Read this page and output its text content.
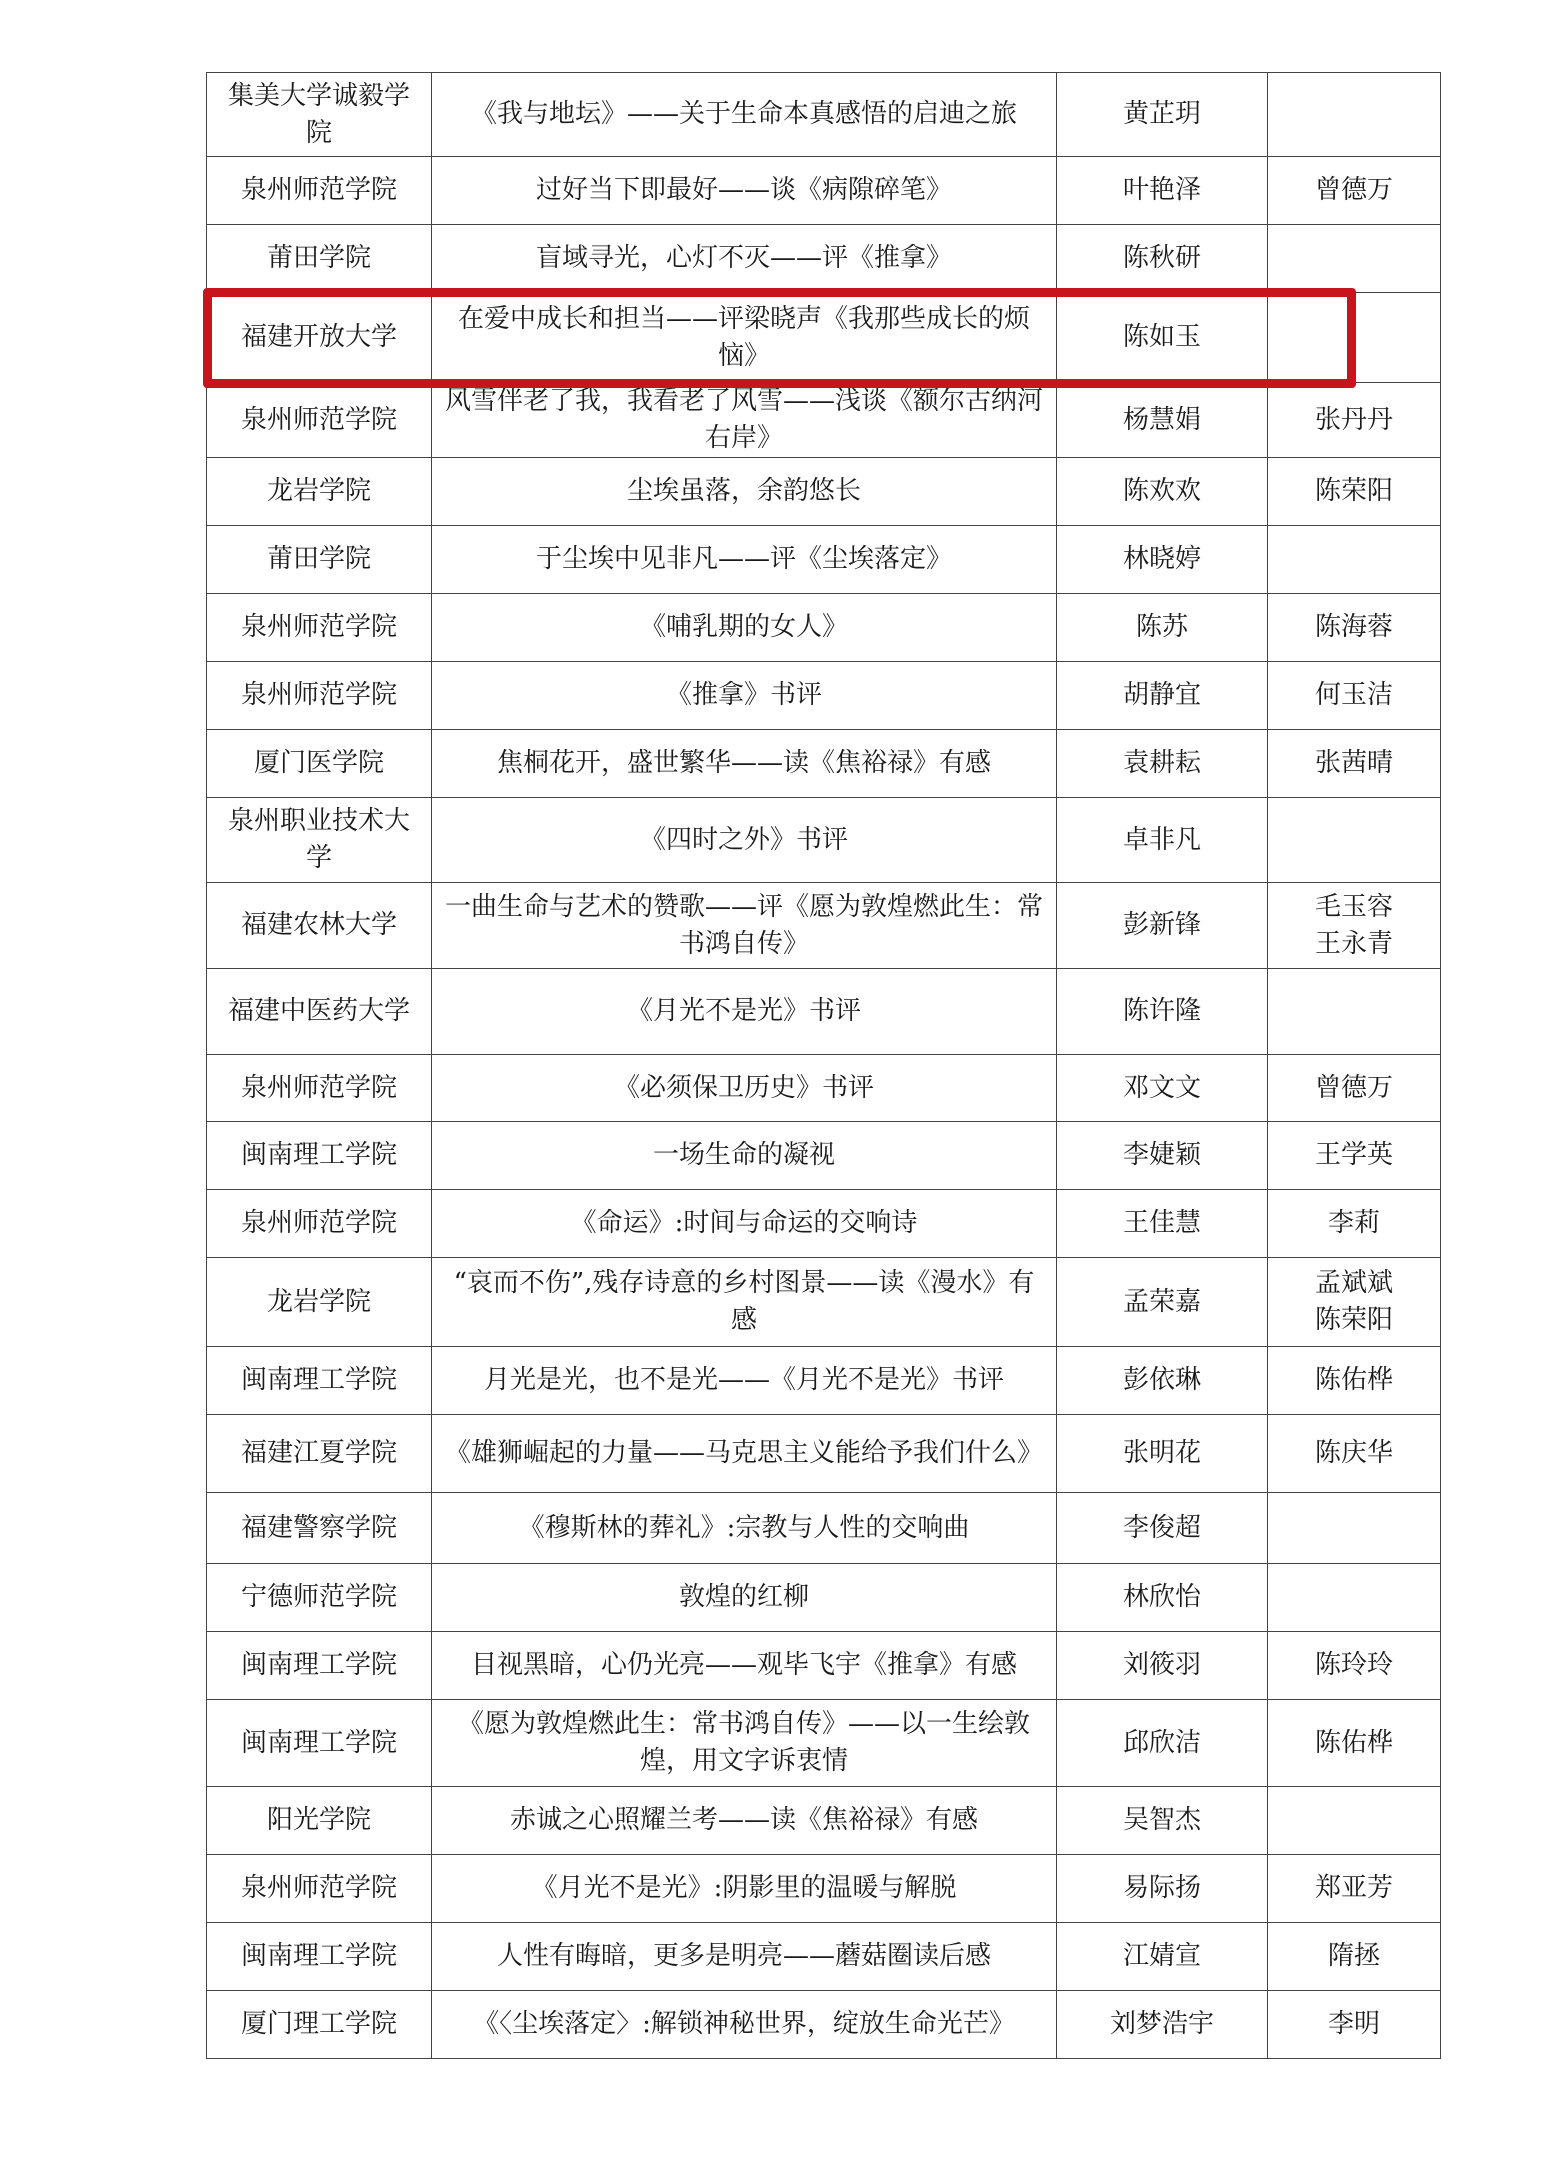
集美大学诚毅学院	《我与地坛》——关于生命本真感悟的启迪之旅	黄芷玥	
泉州师范学院	过好当下即最好——谈《病隙碎笔》	叶艳泽	曾德万

莆田学院	盲域寻光，心灯不灭——评《推拿》	陈秋研	
福建开放大学	在爱中成长和担当——评梁晓声《我那些成长的烦恼》	陈如玉	
泉州师范学院	风雪伴老了我，我看老了风雪——浅谈《额尔古纳河右岸》	杨慧娟	张丹丹

龙岩学院	尘埃虽落，余韵悠长	陈欢欢	陈荣阳

莆田学院	于尘埃中见非凡——评《尘埃落定》	林晓婷	
泉州师范学院	《哺乳期的女人》	陈苏	陈海蓉

泉州师范学院	《推拿》书评	胡静宜	何玉洁

厦门医学院	焦桐花开，盛世繁华——读《焦裕禄》有感	袁耕耘	张茜晴

泉州职业技术大学	《四时之外》书评	卓非凡	
福建农林大学	一曲生命与艺术的赞歌——评《愿为敦煌燃此生：常书鸿自传》	彭新锋	毛玉容
王永青

福建中医药大学	《月光不是光》书评	陈许隆	
泉州师范学院	《必须保卫历史》书评	邓文文	曾德万

闽南理工学院	一场生命的凝视	李婕颖	王学英

泉州师范学院	《命运》:时间与命运的交响诗	王佳慧	李莉

龙岩学院	“哀而不伤”,残存诗意的乡村图景——读《漫水》有感	孟荣嘉	孟斌斌
陈荣阳

闽南理工学院	月光是光，也不是光——《月光不是光》书评	彭依琳	陈佑桦

福建江夏学院	《雄狮崛起的力量——马克思主义能给予我们什么》	张明花	陈庆华

福建警察学院	《穆斯林的葬礼》:宗教与人性的交响曲	李俊超	
宁德师范学院	敦煌的红柳	林欣怡	
闽南理工学院	目视黑暗，心仍光亮——观毕飞宇《推拿》有感	刘筱羽	陈玲玲

闽南理工学院	《愿为敦煌燃此生：常书鸿自传》——以一生绘敦煌，用文字诉衷情	邱欣洁	陈佑桦

阳光学院	赤诚之心照耀兰考——读《焦裕禄》有感	吴智杰	
泉州师范学院	《月光不是光》:阴影里的温暖与解脱	易际扬	郑亚芳

闽南理工学院	人性有晦暗，更多是明亮——蘑菇圈读后感	江婧宣	隋拯

厦门理工学院	《〈尘埃落定〉:解锁神秘世界，绽放生命光芒》	刘梦浩宇	李明
